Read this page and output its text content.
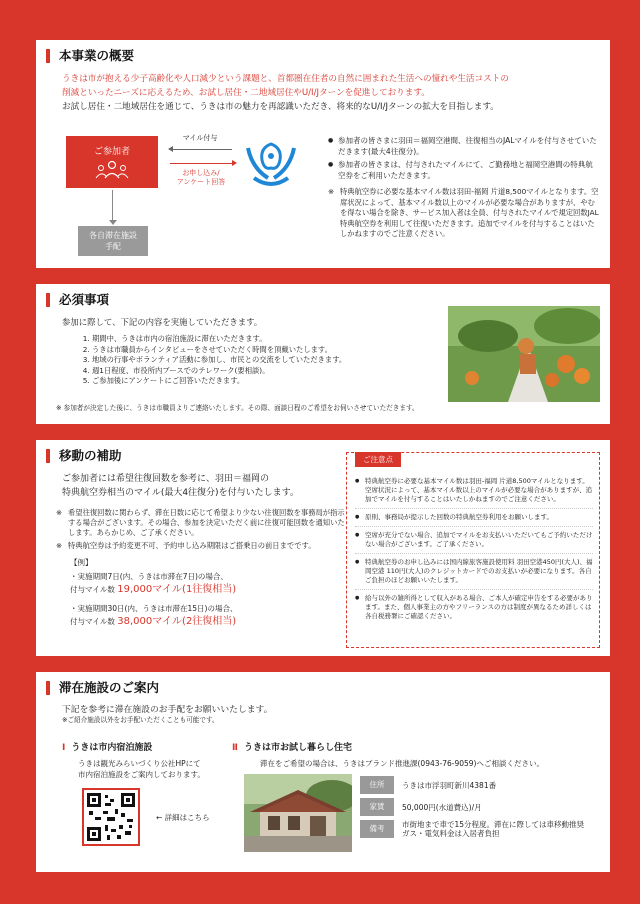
本事業の概要
うきは市が抱える少子高齢化や人口減少という課題と、首都圏在住者の自然に囲まれた生活への憧れや生活コストの
削減といったニーズに応えるため、お試し居住・二地域居住やU/I/Jターンを促進しております。
お試し居住・二地域居住を通じて、うきは市の魅力を再認識いただき、将来的なU/I/Jターンの拡大を目指します。
ご参加者
マイル付与
お申し込み/
アンケート回答
各自滞在施設
手配
● 参加者の皆さまに羽田＝福岡空港間、往復相当のJALマイルを付与させていただきます(最大4往復分)。
● 参加者の皆さまは、付与されたマイルにて、ご勤務地と福岡空港間の特典航空券をご利用いただきます。
※ 特典航空券に必要な基本マイル数は羽田-福岡 片道8,500マイルとなります。空席状況によって、基本マイル数以上のマイルが必要な場合がありますが、やむを得ない場合を除き、サービス加入者は全員、付与されたマイルで規定回数JAL特典航空券を利用して往復いただきます。追加でマイルを付与することはいたしかねますのでご注意ください。
必須事項
参加に際して、下記の内容を実施していただきます。
1. 期間中、うきは市内の宿泊施設に滞在いただきます。
2. うきは市職員からインタビューをさせていただく時間を頂戴いたします。
3. 地域の行事やボランティア活動に参加し、市民との交流をしていただきます。
4. 週1日程度、市役所内ブースでのテレワーク(要相談)。
5. ご参加後にアンケートにご回答いただきます。
※ 参加者が決定した後に、うきは市職員よりご連絡いたします。その際、面談日程のご希望をお伺いさせていただきます。
移動の補助
ご参加者には希望往復回数を参考に、羽田＝福岡の
特典航空券相当のマイル(最大4往復分)を付与いたします。

※ 希望往復回数に関わらず、滞在日数に応じて希望より少ない往復回数を事務局が指示する場合がございます。その場合、参加を決定いただく前に往復可能回数を通知いたします。あらかじめ、ご了承ください。

※ 特典航空券は予約変更不可、予約申し込み期限はご搭乗日の前日までです。

【例】
・実施期間7日(内、うきは市滞在7日)の場合、
付与マイル数 19,000マイル(1往復相当)
・実施期間30日(内、うきは市滞在15日)の場合、
付与マイル数 38,000マイル(2往復相当)
ご注意点
● 特典航空券に必要な基本マイル数は羽田-福岡 片道8,500マイルとなります。空席状況によって、基本マイル数以上のマイルが必要な場合がありますが、追加でマイルを付与することはいたしかねますのでご注意ください。
● 原則、事務局が提示した回数の特典航空券利用をお願いします。
● 空席が充分でない場合、追加でマイルをお支払いいただいてもご予約いただけない場合がございます。ご了承ください。
● 特典航空券のお申し込みには国内線旅客施設使用料 羽田空港450円(大人)、福岡空港 110円(大人)のクレジットカードでのお支払いが必要になります。各自ご負担のほどお願いいたします。
● 給与以外の雑所得として収入がある場合、ご本人が確定申告をする必要があります。また、個人事業主の方やフリーランスの方は制度が異なるため詳しくは各自税務署にご確認ください。
滞在施設のご案内
下記を参考に滞在施設のお手配をお願いいたします。
※ご紹介施設以外をお手配いただくことも可能です。
Ⅰ うきは市内宿泊施設
うきは観光みらいづくり公社HPにて
市内宿泊施設をご案内しております。
← 詳細はこちら
Ⅱ うきは市お試し暮らし住宅
滞在をご希望の場合は、うきはブランド推進課(0943-76-9059)へご相談ください。
住所	うきは市浮羽町新川4381番
家賃	50,000円(水道費込)/月
備考	市街地まで車で15分程度。滞在に際しては車移動推奨
ガス・電気料金は入居者負担
